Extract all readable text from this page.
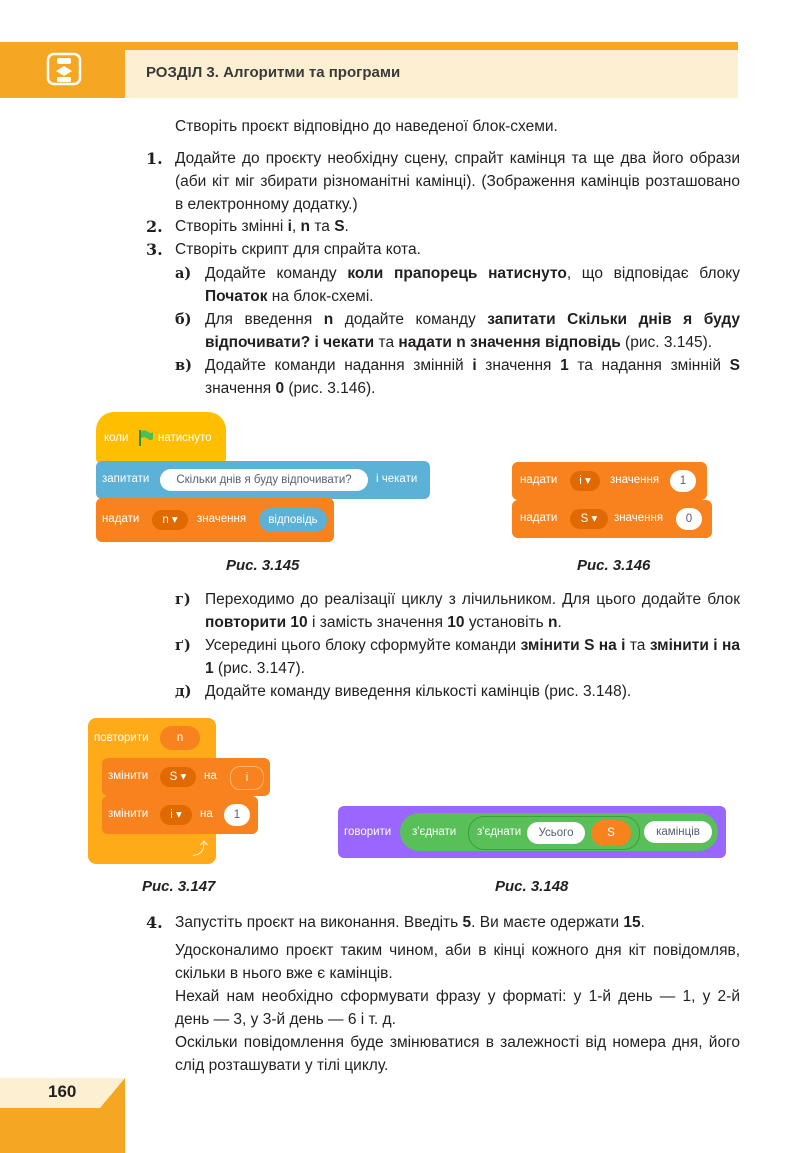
РОЗДІЛ 3. Алгоритми та програми
Створіть проєкт відповідно до наведеної блок-схеми.
1. Додайте до проєкту необхідну сцену, спрайт камінця та ще два його образи (аби кіт міг збирати різноманітні камінці). (Зображення камінців розташовано в електронному додатку.)
2. Створіть змінні i, n та S.
3. Створіть скрипт для спрайта кота.
а) Додайте команду коли прапорець натиснуто, що відповідає блоку Початок на блок-схемі.
б) Для введення n додайте команду запитати Скільки днів я буду відпочивати? і чекати та надати n значення відповідь (рис. 3.145).
в) Додайте команди надання змінній i значення 1 та надання змінній S значення 0 (рис. 3.146).
коли	натиснуто
запитати	Скільки днів я буду відпочивати?	і чекати
надати	n ▾	значення	відповідь
Рис. 3.145
надати	i ▾	значення	1
надати	S ▾	значення	0
Рис. 3.146
г) Переходимо до реалізації циклу з лічильником. Для цього додайте блок повторити 10 і замість значення 10 установіть n.
ґ) Усередині цього блоку сформуйте команди змінити S на i та змінити i на 1 (рис. 3.147).
д) Додайте команду виведення кількості камінців (рис. 3.148).
повторити	n
⤴
змінити	S ▾	на	i
змінити	i ▾	на	1
Рис. 3.147
говорити з'єднати з'єднати	Усього	S	камінців
Рис. 3.148
4. Запустіть проєкт на виконання. Введіть 5. Ви маєте одержати 15.
Удосконалимо проєкт таким чином, аби в кінці кожного дня кіт повідомляв, скільки в нього вже є камінців.
Нехай нам необхідно сформувати фразу у форматі: у 1-й день — 1, у 2-й день — 3, у 3-й день — 6 і т. д.
Оскільки повідомлення буде змінюватися в залежності від номера дня, його слід розташувати у тілі циклу.
160
